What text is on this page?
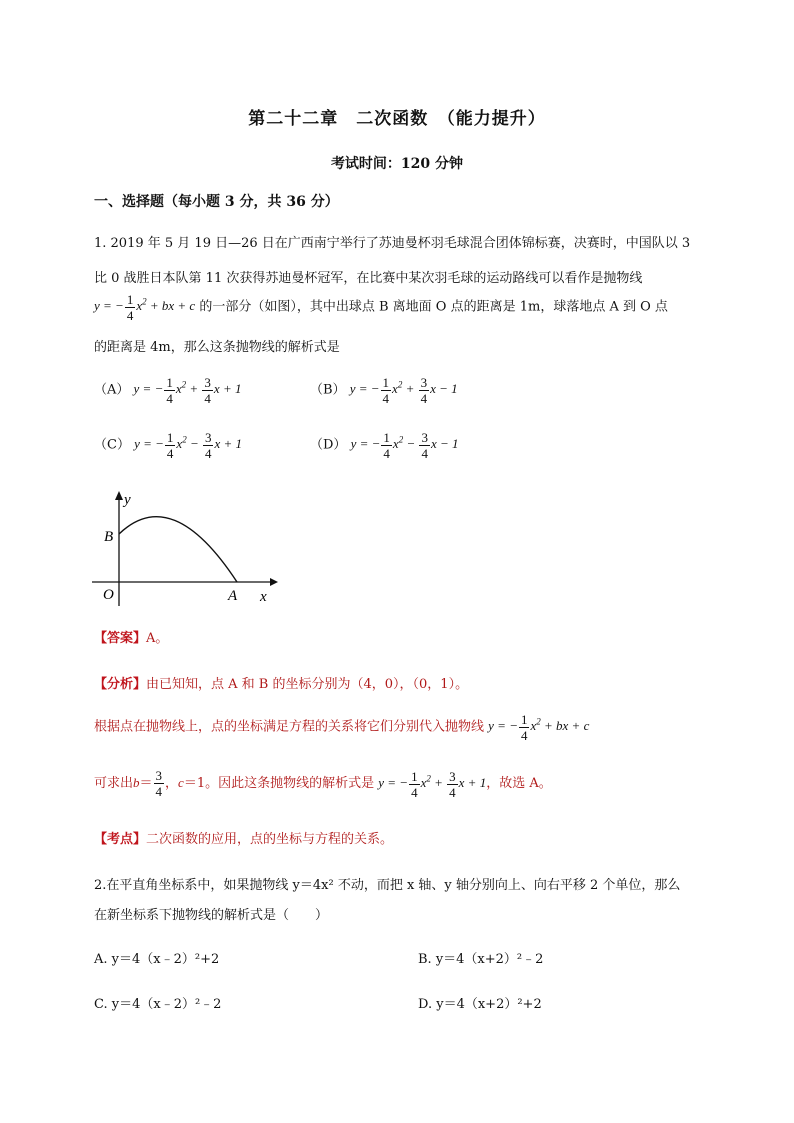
第二十二章　二次函数　（能力提升）
考试时间：120 分钟
一、选择题（每小题 3 分，共 36 分）
1. 2019 年 5 月 19 日—26 日在广西南宁举行了苏迪曼杯羽毛球混合团体锦标赛，决赛时，中国队以 3
比 0 战胜日本队第 11 次获得苏迪曼杯冠军，在比赛中某次羽毛球的运动路线可以看作是抛物线
y = − $\frac{1}{4} x^2$ + bx + c 的一部分（如图），其中出球点 B 离地面 O 点的距离是 1m，球落地点 A 到 O 点
的距离是 4m，那么这条抛物线的解析式是
（A） y = − $\frac{1}{4} x^2 + \frac{3}{4}$ x + 1	（B） y = − $\frac{1}{4} x^2 + \frac{3}{4}$ x − 1
（C） y = − $\frac{1}{4} x^2 - \frac{3}{4}$ x + 1	（D） y = − $\frac{1}{4} x^2 - \frac{3}{4}$ x − 1
y
B
O	A x
【答案】A。
【分析】由已知知，点 A 和 B 的坐标分别为（4，0），（0，1）。
根据点在抛物线上，点的坐标满足方程的关系将它们分别代入抛物线 y = − $\frac{1}{4} x^2$ + bx + c
可求出$b= \frac{3}{4}$ ，c＝1。因此这条抛物线的解析式是 y = − $\frac{1}{4} x^2 + \frac{3}{4}$ x + 1，故选 A。
【考点】二次函数的应用，点的坐标与方程的关系。
2.在平直角坐标系中，如果抛物线 y＝4x² 不动，而把 x 轴、y 轴分别向上、向右平移 2 个单位，那么
在新坐标系下抛物线的解析式是（　　）
A. y＝4（x﹣2）²+2	B. y＝4（x+2）²﹣2
C. y＝4（x﹣2）²﹣2	D. y＝4（x+2）²+2
